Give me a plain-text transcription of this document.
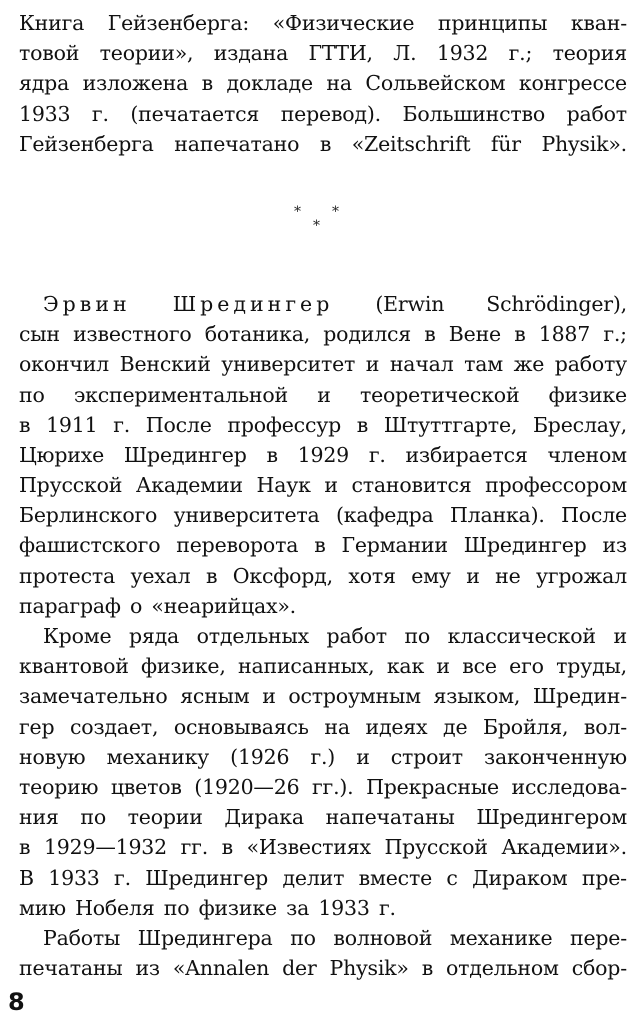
Книга Гейзенберга: «Физические принципы кван-
товой теории», издана ГТТИ, Л. 1932 г.; теория
ядра изложена в докладе на Сольвейском конгрессе
1933 г. (печатается перевод). Большинство работ
Гейзенберга напечатано в «Zeitschrift für Physik».
* *
*
Эрвин Шредингер (Erwin Schrödinger),
сын известного ботаника, родился в Вене в 1887 г.;
окончил Венский университет и начал там же работу
по экспериментальной и теоретической физике
в 1911 г. После профессур в Штуттгарте, Бреслау,
Цюрихе Шредингер в 1929 г. избирается членом
Прусской Академии Наук и становится профессором
Берлинского университета (кафедра Планка). После
фашистского переворота в Германии Шредингер из
протеста уехал в Оксфорд, хотя ему и не угрожал
параграф о «неарийцах».
Кроме ряда отдельных работ по классической и
квантовой физике, написанных, как и все его труды,
замечательно ясным и остроумным языком, Шредин-
гер создает, основываясь на идеях де Бройля, вол-
новую механику (1926 г.) и строит законченную
теорию цветов (1920—26 гг.). Прекрасные исследова-
ния по теории Дирака напечатаны Шредингером
в 1929—1932 гг. в «Известиях Прусской Академии».
В 1933 г. Шредингер делит вместе с Дираком пре-
мию Нобеля по физике за 1933 г.
Работы Шредингера по волновой механике пере-
печатаны из «Annalen der Physik» в отдельном сбор-
8
